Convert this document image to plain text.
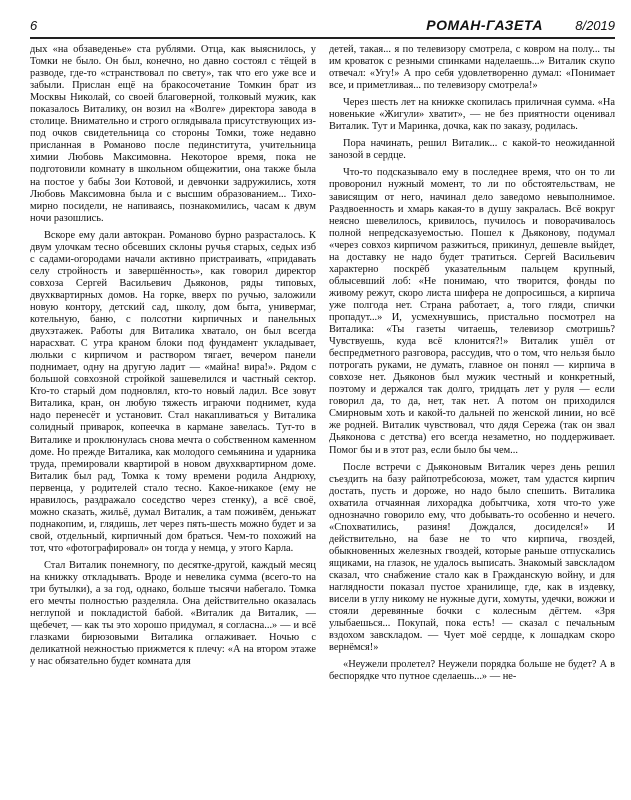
6	РОМАН-ГАЗЕТА 8/2019

дых «на обзаведенье» ста рублями. Отца, как выяснилось, у Томки не было. Он был, конечно, но давно состоял с тёщей в разводе, где-то «странствовал по свету», так что его уже все и забыли. Прислан ещё на бракосочетание Томкин брат из Москвы Николай, со своей благоверной, толковый мужик, как показалось Виталику, он возил на «Волге» директора завода в столице. Внимательно и строго оглядывала присутствующих из-под очков свидетельница со стороны Томки, тоже недавно присланная в Романово после пединститута, учительница химии Любовь Максимовна. Некоторое время, пока не подготовили комнату в школьном общежитии, она также была на постое у бабы Зои Котовой, и девчонки задружились, хотя Любовь Максимовна была и с высшим образованием... Тихо-мирно посидели, не напиваясь, познакомились, часам к двум ночи разошлись.

Вскоре ему дали автокран. Романово бурно разрасталось. К двум улочкам тесно обсевших склоны ручья старых, седых изб с садами-огородами начали активно пристраивать, «придавать селу стройность и завершённость», как говорил директор совхоза Сергей Васильевич Дьяконов, ряды типовых, двухквартирных домов. На горке, вверх по ручью, заложили новую контору, детский сад, школу, дом быта, универмаг, котельную, баню, с полсотни кирпичных и панельных двухэтажек. Работы для Виталика хватало, он был всегда нарасхват. С утра краном блоки под фундамент укладывает, люльки с кирпичом и раствором тягает, вечером панели поднимает, одну на другую ладит — «майна! вира!». Рядом с большой совхозной стройкой зашевелился и частный сектор. Кто-то старый дом подновлял, кто-то новый ладил. Все зовут Виталика, кран, он любую тяжесть играючи поднимет, куда надо перенесёт и установит. Стал накапливаться у Виталика солидный приварок, копеечка в кармане завелась. Тут-то в Виталике и проклюнулась снова мечта о собственном каменном доме. Но прежде Виталика, как молодого семьянина и ударника труда, премировали квартирой в новом двухквартирном доме. Виталик был рад, Томка к тому времени родила Андрюху, первенца, у родителей стало тесно. Какое-никакое (ему не нравилось, раздражало соседство через стенку), а всё своё, можно сказать, жильё, думал Виталик, а там поживём, деньжат поднакопим, и, глядишь, лет через пять-шесть можно будет и за свой, отдельный, кирпичный дом браться. Чем-то похожий на тот, что «фотографировал» он тогда у немца, у этого Карла.

Стал Виталик понемногу, по десятке-другой, каждый месяц на книжку откладывать. Вроде и невелика сумма (всего-то на три бутылки), а за год, однако, больше тысячи набегало. Томка его мечты полностью разделяла. Она действительно оказалась неглупой и покладистой бабой. «Виталик да Виталик, — щебечет, — как ты это хорошо придумал, я согласна...» — и всё глазками бирюзовыми Виталика оглаживает. Ночью с деликатной нежностью прижмется к плечу: «А на втором этаже у нас обязательно будет комната для

детей, такая... я по телевизору смотрела, с ковром на полу... ты им кроваток с резными спинками наделаешь...» Виталик скупо отвечал: «Угу!» А про себя удовлетворенно думал: «Понимает все, и приметливая... по телевизору смотрела!»

Через шесть лет на книжке скопилась приличная сумма. «На новенькие «Жигули» хватит», — не без приятности оценивал Виталик. Тут и Маринка, дочка, как по заказу, родилась.

Пора начинать, решил Виталик... с какой-то неожиданной занозой в сердце.

Что-то подсказывало ему в последнее время, что он то ли проворонил нужный момент, то ли по обстоятельствам, не зависящим от него, начинал дело заведомо невыполнимое. Раздвоенность и хмарь какая-то в душу закралась. Всё вокруг неясно шевелилось, кривилось, пучилось и поворачивалось полной непредсказуемостью. Пошел к Дьяконову, подумал «через совхоз кирпичом разжиться, прикинул, дешевле выйдет, на доставку не надо будет тратиться. Сергей Васильевич характерно поскрёб указательным пальцем крупный, облысевший лоб: «Не понимаю, что творится, фонды по живому режут, скоро листа шифера не допросишься, а кирпича уже полгода нет. Страна работает, а, того гляди, спички пропадут...» И, усмехнувшись, пристально посмотрел на Виталика: «Ты газеты читаешь, телевизор смотришь? Чувствуешь, куда всё клонится?!» Виталик ушёл от беспредметного разговора, рассудив, что о том, что нельзя было потрогать руками, не думать, главное он понял — кирпича в совхозе нет. Дьяконов был мужик честный и конкретный, поэтому и держался так долго, тридцать лет у руля — если говорил да, то да, нет, так нет. А потом он приходился Смирновым хоть и какой-то дальней по женской линии, но всё же родней. Виталик чувствовал, что дядя Сережа (так он звал Дьяконова с детства) его всегда незаметно, но поддерживает. Помог бы и в этот раз, если было бы чем...

После встречи с Дьяконовым Виталик через день решил съездить на базу райпотребсоюза, может, там удастся кирпич достать, пусть и дороже, но надо было спешить. Виталика охватила отчаянная лихорадка добытчика, хотя что-то уже однозначно говорило ему, что добывать-то особенно и нечего. «Спохватились, разиня! Дождался, досиделся!» И действительно, на базе не то что кирпича, гвоздей, обыкновенных железных гвоздей, которые раньше отпускались ящиками, на глазок, не удалось выписать. Знакомый завскладом сказал, что снабжение стало как в Гражданскую войну, и для наглядности показал пустое хранилище, где, как в издевку, висели в углу никому не нужные дуги, хомуты, удечки, вожжи и стояли деревянные бочки с колесным дёгтем. «Зря улыбаешься... Покупай, пока есть! — сказал с печальным вздохом завскладом. — Чует моё сердце, к лошадкам скоро вернёмся!»

«Неужели пролетел? Неужели порядка больше не будет? А в беспорядке что путное сделаешь...» — не-
